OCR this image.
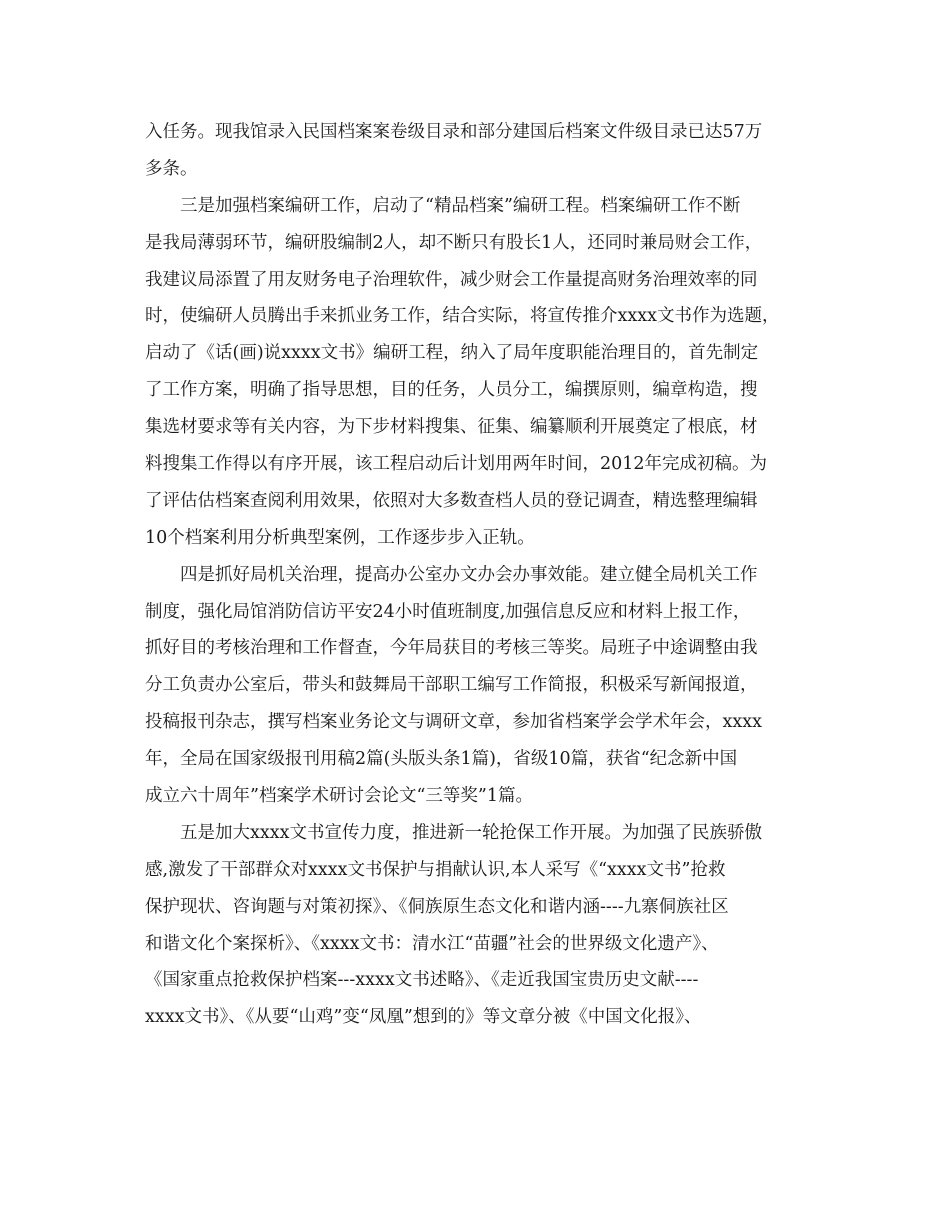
入任务。现我馆录入民国档案案卷级目录和部分建国后档案文件级目录已达57万
多条。
三是加强档案编研工作，启动了“精品档案”编研工程。档案编研工作不断
是我局薄弱环节，编研股编制2人，却不断只有股长1人，还同时兼局财会工作，
我建议局添置了用友财务电子治理软件，减少财会工作量提高财务治理效率的同
时，使编研人员腾出手来抓业务工作，结合实际，将宣传推介xxxx文书作为选题，
启动了《话(画)说xxxx文书》编研工程，纳入了局年度职能治理目的，首先制定
了工作方案，明确了指导思想，目的任务，人员分工，编撰原则，编章构造，搜
集选材要求等有关内容，为下步材料搜集、征集、编纂顺利开展奠定了根底，材
料搜集工作得以有序开展，该工程启动后计划用两年时间，2012年完成初稿。为
了评估估档案查阅利用效果，依照对大多数查档人员的登记调查，精选整理编辑
10个档案利用分析典型案例，工作逐步步入正轨。
四是抓好局机关治理，提高办公室办文办会办事效能。建立健全局机关工作
制度，强化局馆消防信访平安24小时值班制度,加强信息反应和材料上报工作，
抓好目的考核治理和工作督查，今年局获目的考核三等奖。局班子中途调整由我
分工负责办公室后，带头和鼓舞局干部职工编写工作简报，积极采写新闻报道，
投稿报刊杂志，撰写档案业务论文与调研文章，参加省档案学会学术年会，xxxx
年，全局在国家级报刊用稿2篇(头版头条1篇)，省级10篇，获省“纪念新中国
成立六十周年”档案学术研讨会论文“三等奖”1篇。
五是加大xxxx文书宣传力度，推进新一轮抢保工作开展。为加强了民族骄傲
感,激发了干部群众对xxxx文书保护与捐献认识,本人采写《“xxxx文书”抢救
保护现状、咨询题与对策初探》、《侗族原生态文化和谐内涵----九寨侗族社区
和谐文化个案探析》、《xxxx文书：清水江“苗疆”社会的世界级文化遗产》、
《国家重点抢救保护档案---xxxx文书述略》、《走近我国宝贵历史文献----
xxxx文书》、《从要“山鸡”变“凤凰”想到的》等文章分被《中国文化报》、
